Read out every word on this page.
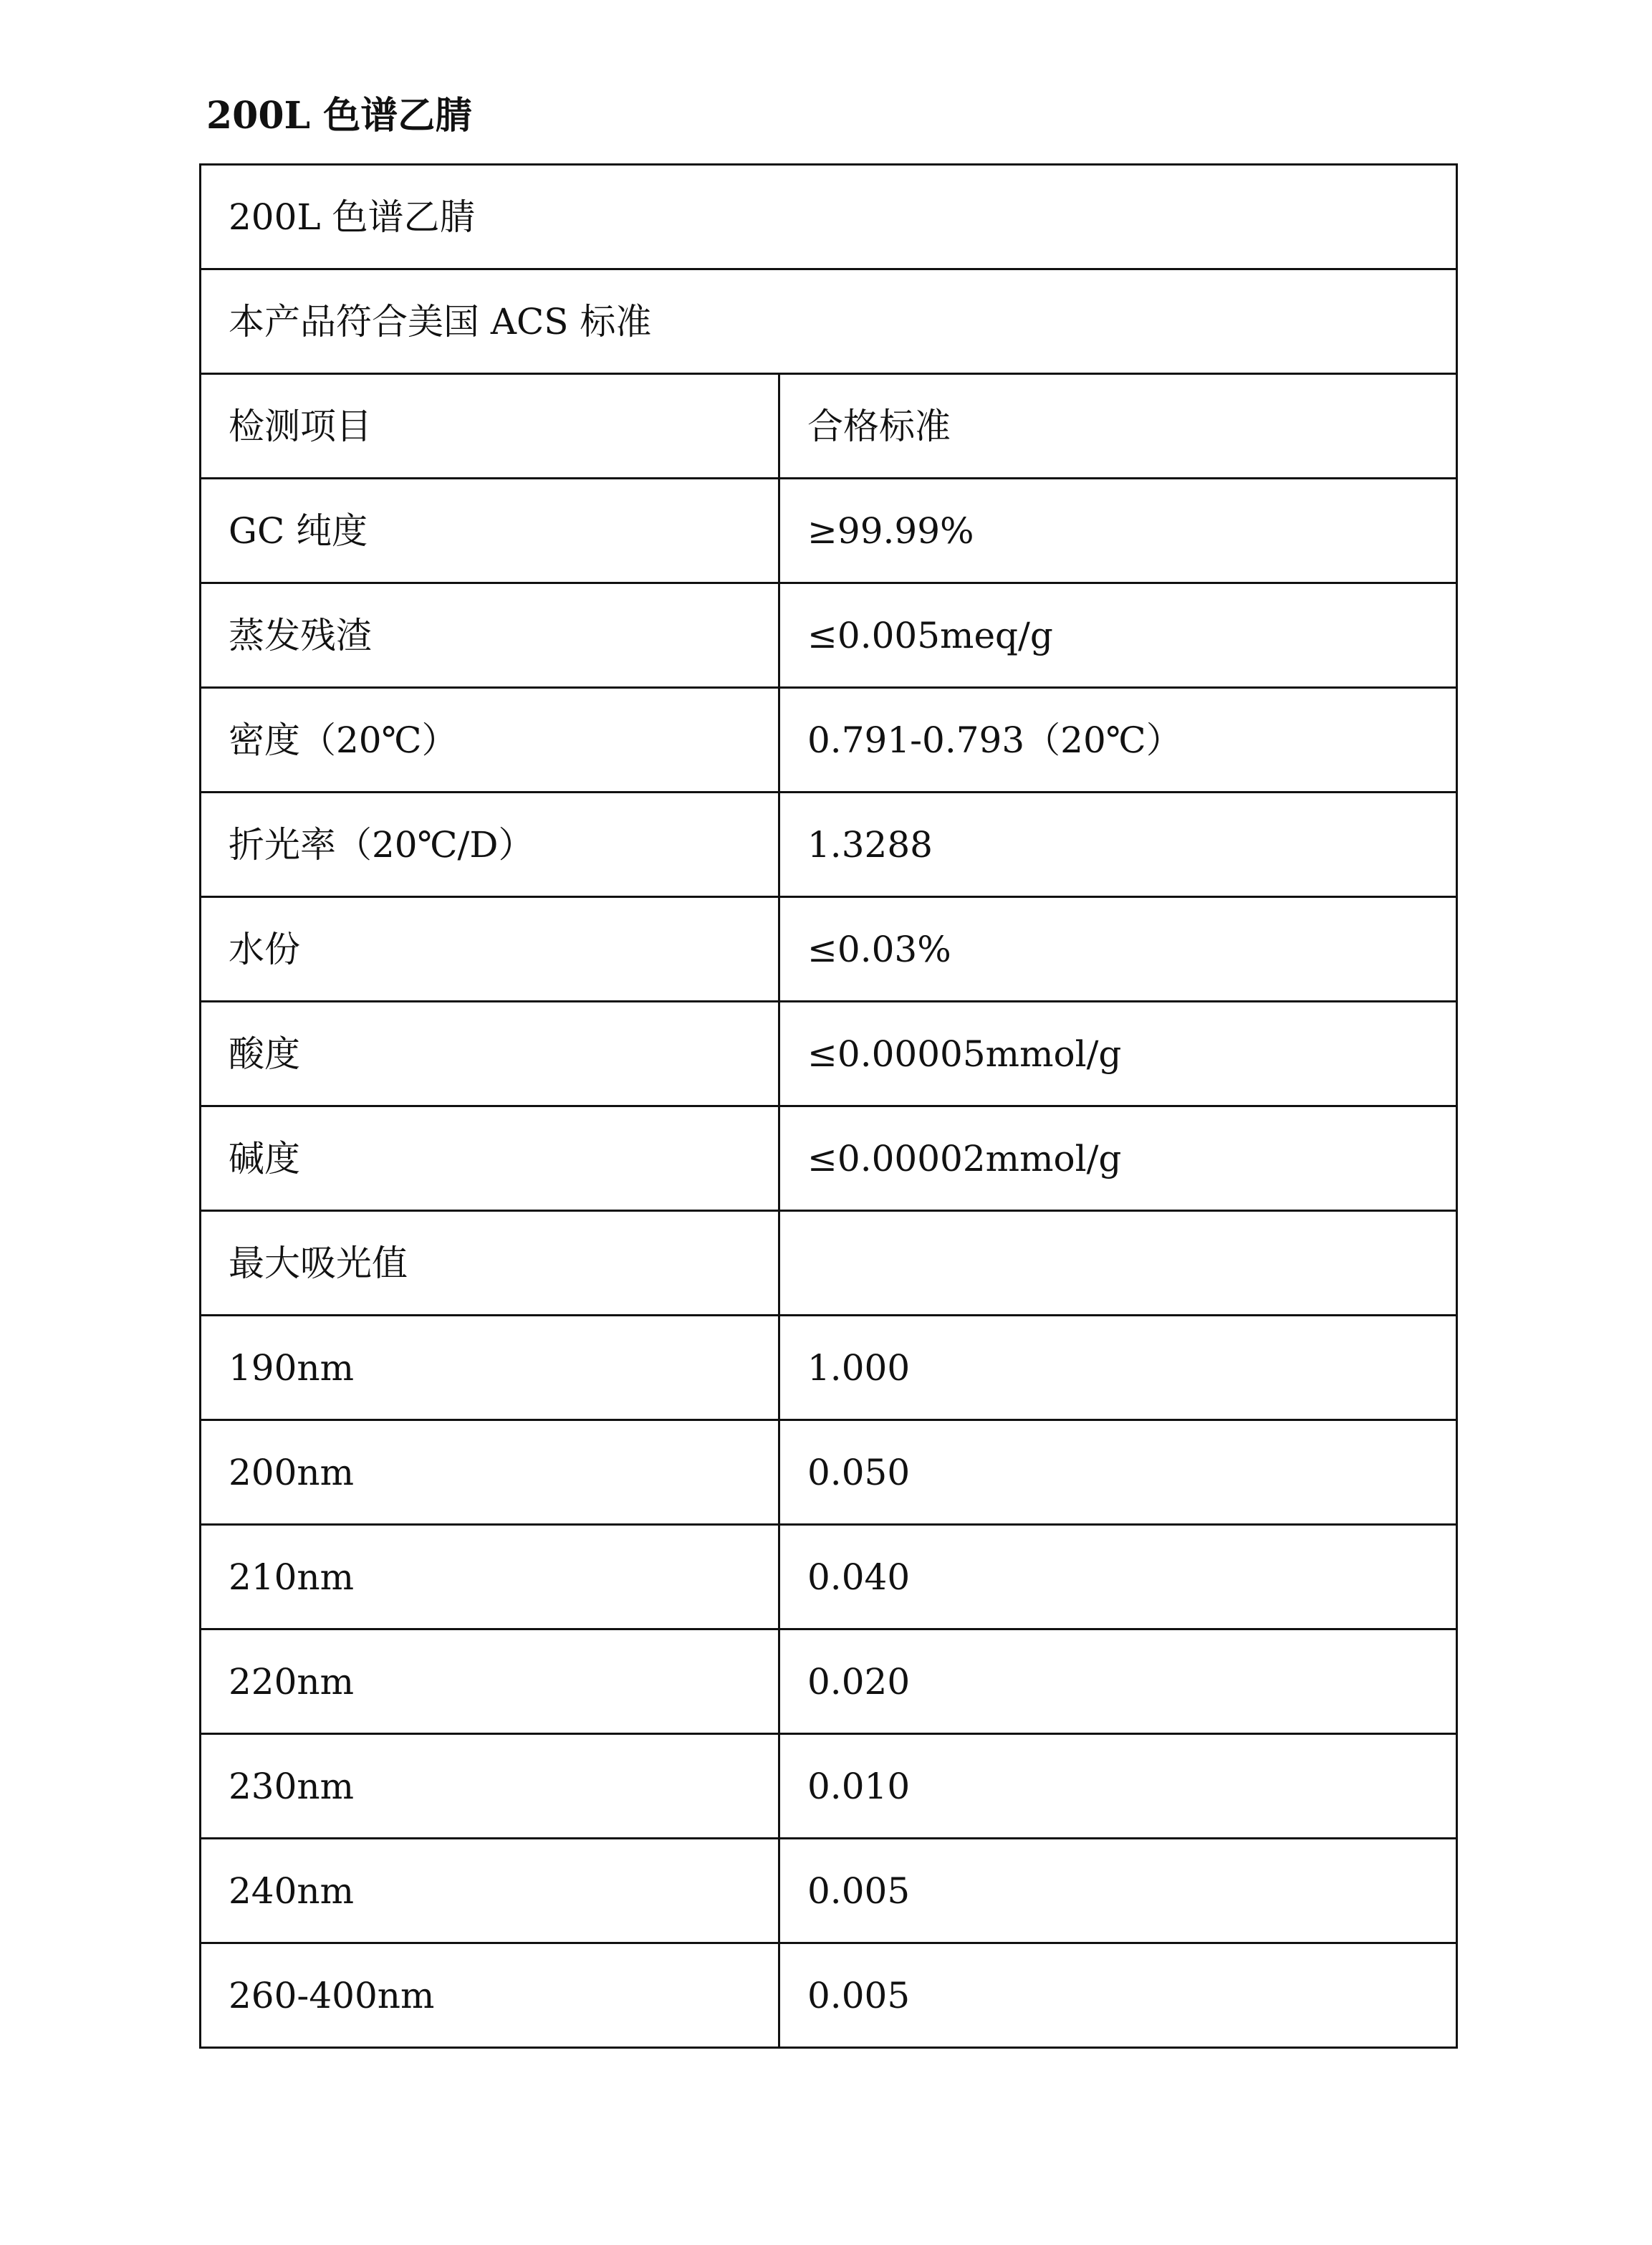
200L 色谱乙腈
200L 色谱乙腈	
本产品符合美国 ACS 标准	
检测项目	合格标准
GC 纯度	≥99.99%
蒸发残渣	≤0.005meq/g
密度（20℃）	0.791-0.793（20℃）
折光率（20℃/D）	1.3288
水份	≤0.03%
酸度	≤0.00005mmol/g
碱度	≤0.00002mmol/g
最大吸光值	
190nm	1.000
200nm	0.050
210nm	0.040
220nm	0.020
230nm	0.010
240nm	0.005
260-400nm	0.005
